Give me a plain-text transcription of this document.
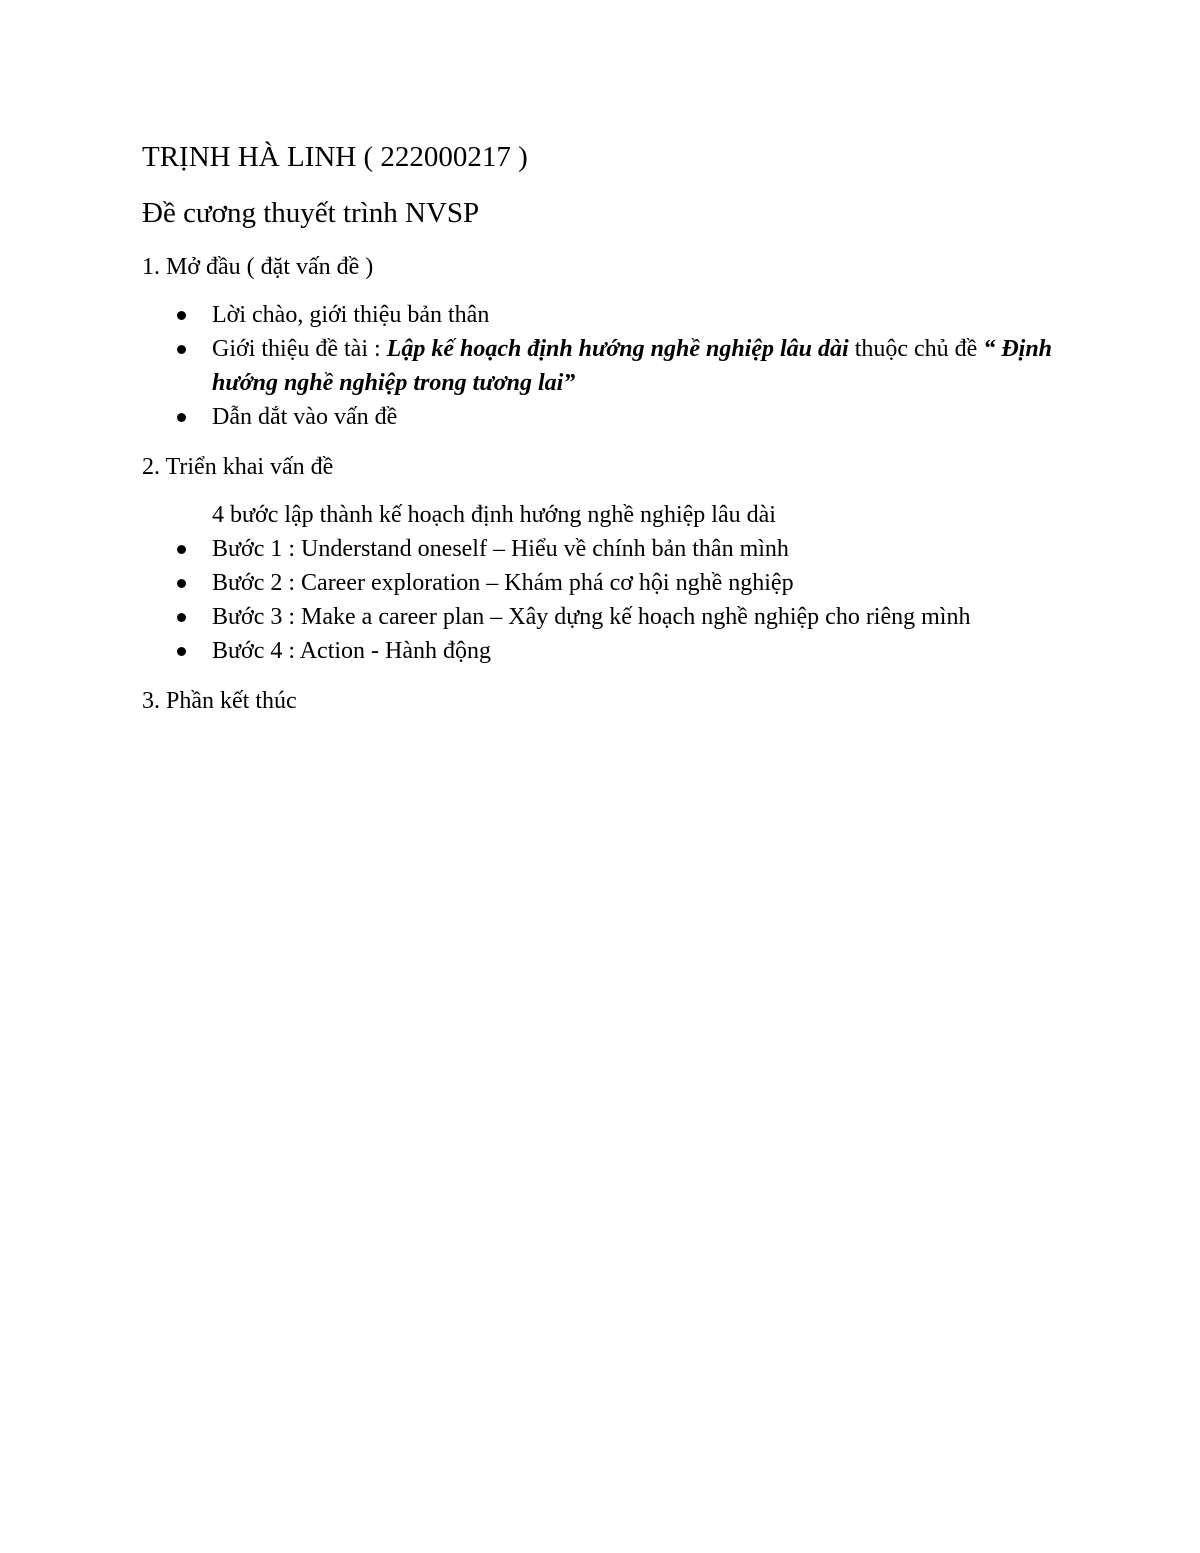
TRỊNH HÀ LINH ( 222000217 )
Đề cương thuyết trình NVSP
1. Mở đầu ( đặt vấn đề )
Lời chào, giới thiệu bản thân
Giới thiệu đề tài : Lập kế hoạch định hướng nghề nghiệp lâu dài thuộc chủ đề “ Định hướng nghề nghiệp trong tương lai”
Dẫn dắt vào vấn đề
2. Triển khai vấn đề

4 bước lập thành kế hoạch định hướng nghề nghiệp lâu dài

Bước 1 : Understand oneself – Hiểu về chính bản thân mình
Bước 2 : Career exploration – Khám phá cơ hội nghề nghiệp
Bước 3 : Make a career plan – Xây dựng kế hoạch nghề nghiệp cho riêng mình
Bước 4 : Action - Hành động
3. Phần kết thúc
